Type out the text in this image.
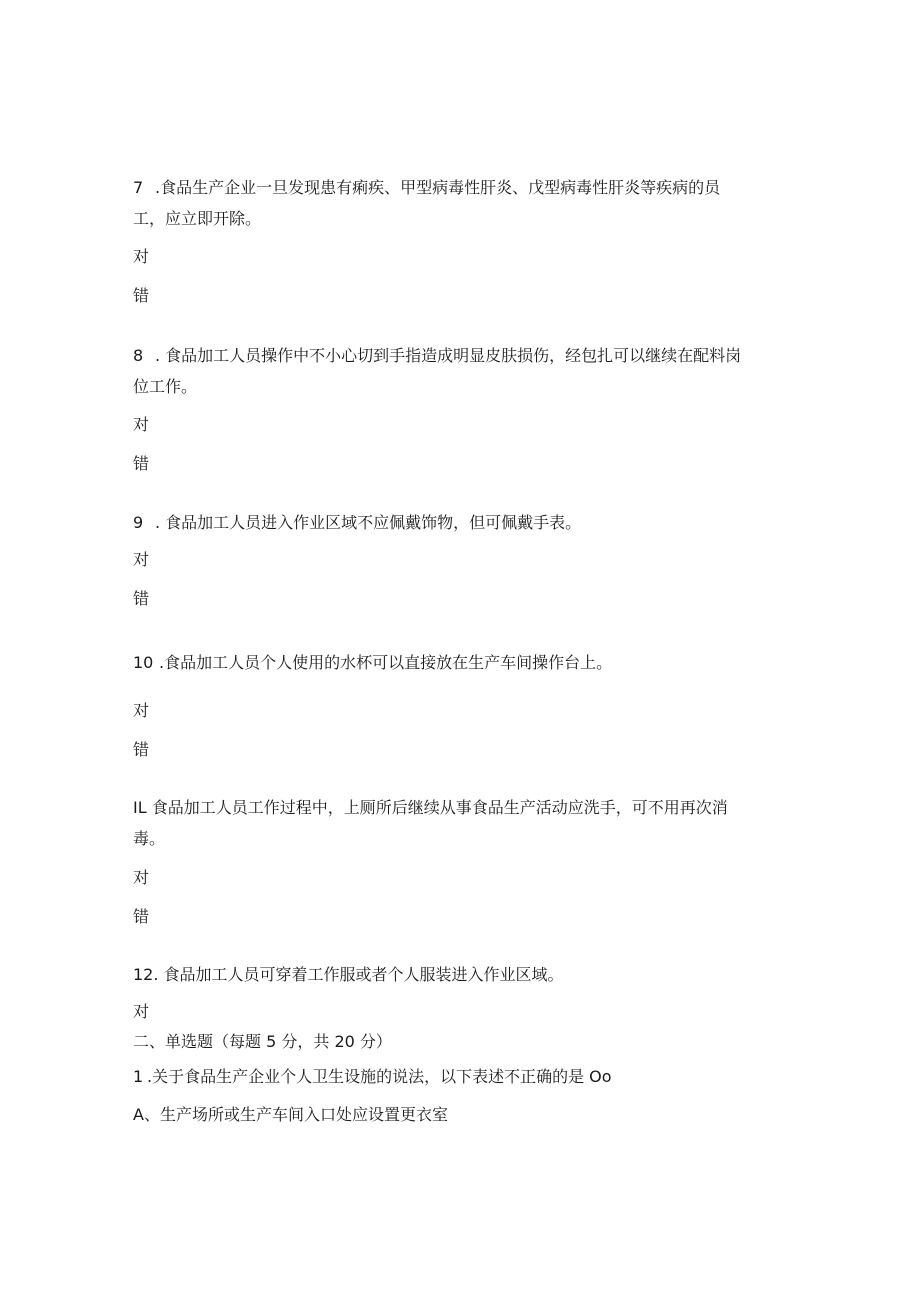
7 .食品生产企业一旦发现患有痢疾、甲型病毒性肝炎、戊型病毒性肝炎等疾病的员
工，应立即开除。
对
错
8 . 食品加工人员操作中不小心切到手指造成明显皮肤损伤，经包扎可以继续在配料岗
位工作。
对
错
9 . 食品加工人员进入作业区域不应佩戴饰物，但可佩戴手表。
对
错
10 .食品加工人员个人使用的水杯可以直接放在生产车间操作台上。
对
错
IL 食品加工人员工作过程中，上厕所后继续从事食品生产活动应洗手，可不用再次消
毒。
对
错
12. 食品加工人员可穿着工作服或者个人服装进入作业区域。
对
二、单选题（每题 5 分，共 20 分）
1 .关于食品生产企业个人卫生设施的说法，以下表述不正确的是 Oo
A、生产场所或生产车间入口处应设置更衣室
